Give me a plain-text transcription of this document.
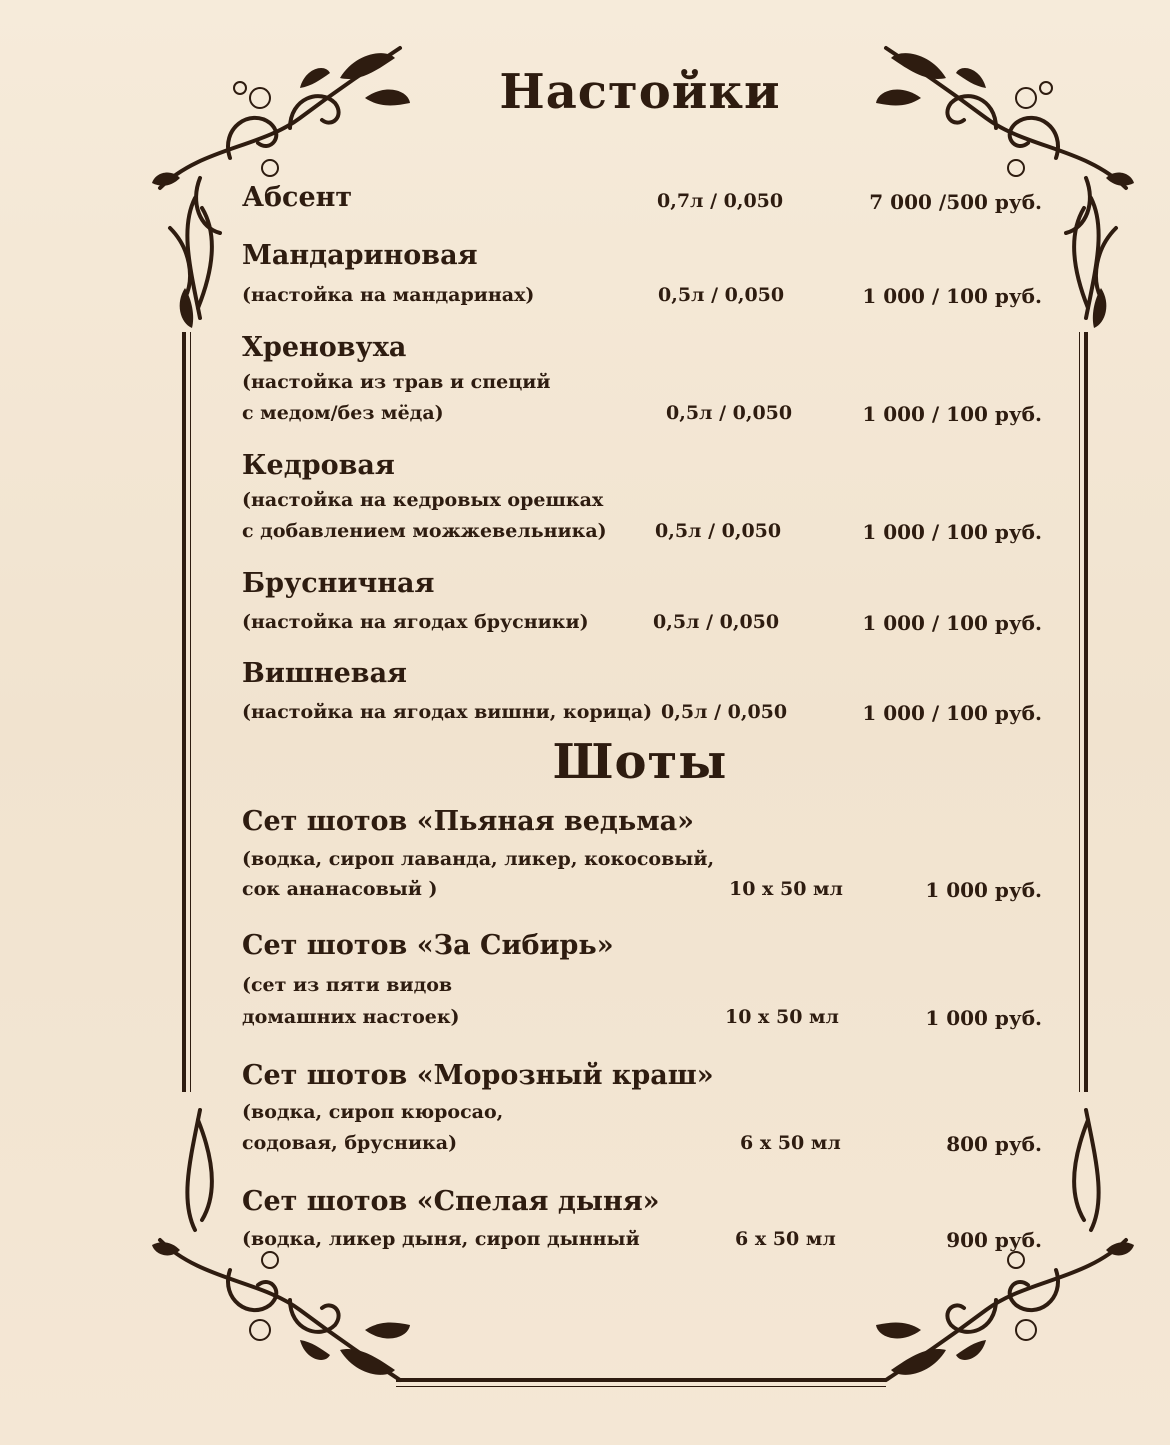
Настойки
Абсент	0,7л / 0,050	7 000 /500 руб.
Мандариновая
(настойка на мандаринах)	0,5л / 0,050	1 000 / 100 руб.
Хреновуха
(настойка из трав и специй
с медом/без мёда)	0,5л / 0,050	1 000 / 100 руб.
Кедровая
(настойка на кедровых орешках
с добавлением можжевельника)	0,5л / 0,050	1 000 / 100 руб.
Брусничная
(настойка на ягодах брусники)	0,5л / 0,050	1 000 / 100 руб.
Вишневая
(настойка на ягодах вишни, корица) 0,5л / 0,050	1 000 / 100 руб.
Шоты
Сет шотов «Пьяная ведьма»
(водка, сироп лаванда, ликер, кокосовый,
сок ананасовый )	10 х 50 мл	1 000 руб.
Сет шотов «За Сибирь»
(сет из пяти видов
домашних настоек)	10 х 50 мл	1 000 руб.
Сет шотов «Морозный краш»
(водка, сироп кюросао,
содовая, брусника)	6 х 50 мл	800 руб.
Сет шотов «Спелая дыня»
(водка, ликер дыня, сироп дынный	6 х 50 мл	900 руб.
